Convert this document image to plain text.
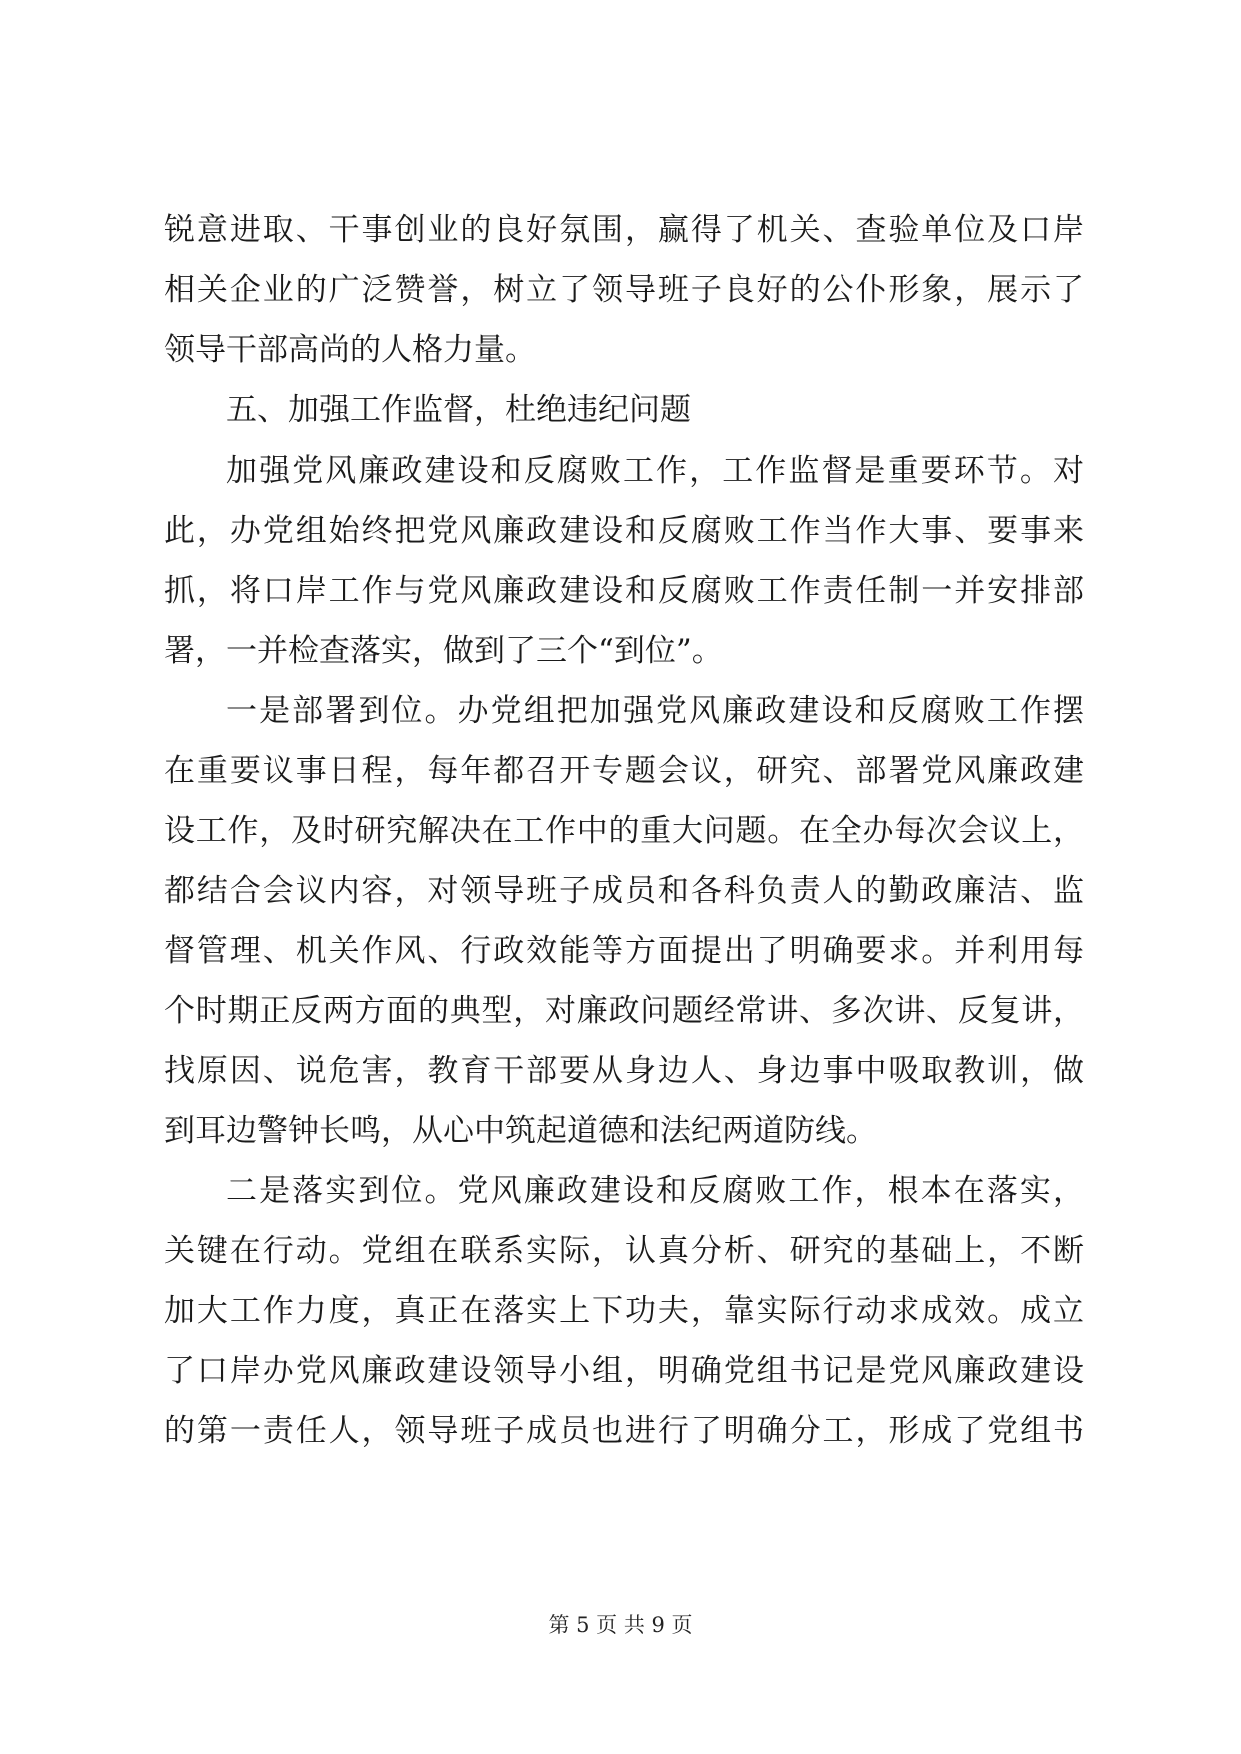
锐意进取、干事创业的良好氛围，赢得了机关、查验单位及口岸
相关企业的广泛赞誉，树立了领导班子良好的公仆形象，展示了
领导干部高尚的人格力量。
五、加强工作监督，杜绝违纪问题
加强党风廉政建设和反腐败工作，工作监督是重要环节。对
此，办党组始终把党风廉政建设和反腐败工作当作大事、要事来
抓，将口岸工作与党风廉政建设和反腐败工作责任制一并安排部
署，一并检查落实，做到了三个“到位”。
一是部署到位。办党组把加强党风廉政建设和反腐败工作摆
在重要议事日程，每年都召开专题会议，研究、部署党风廉政建
设工作，及时研究解决在工作中的重大问题。在全办每次会议上，
都结合会议内容，对领导班子成员和各科负责人的勤政廉洁、监
督管理、机关作风、行政效能等方面提出了明确要求。并利用每
个时期正反两方面的典型，对廉政问题经常讲、多次讲、反复讲，
找原因、说危害，教育干部要从身边人、身边事中吸取教训，做
到耳边警钟长鸣，从心中筑起道德和法纪两道防线。
二是落实到位。党风廉政建设和反腐败工作，根本在落实，
关键在行动。党组在联系实际，认真分析、研究的基础上，不断
加大工作力度，真正在落实上下功夫，靠实际行动求成效。成立
了口岸办党风廉政建设领导小组，明确党组书记是党风廉政建设
的第一责任人，领导班子成员也进行了明确分工，形成了党组书
第 5 页 共 9 页
